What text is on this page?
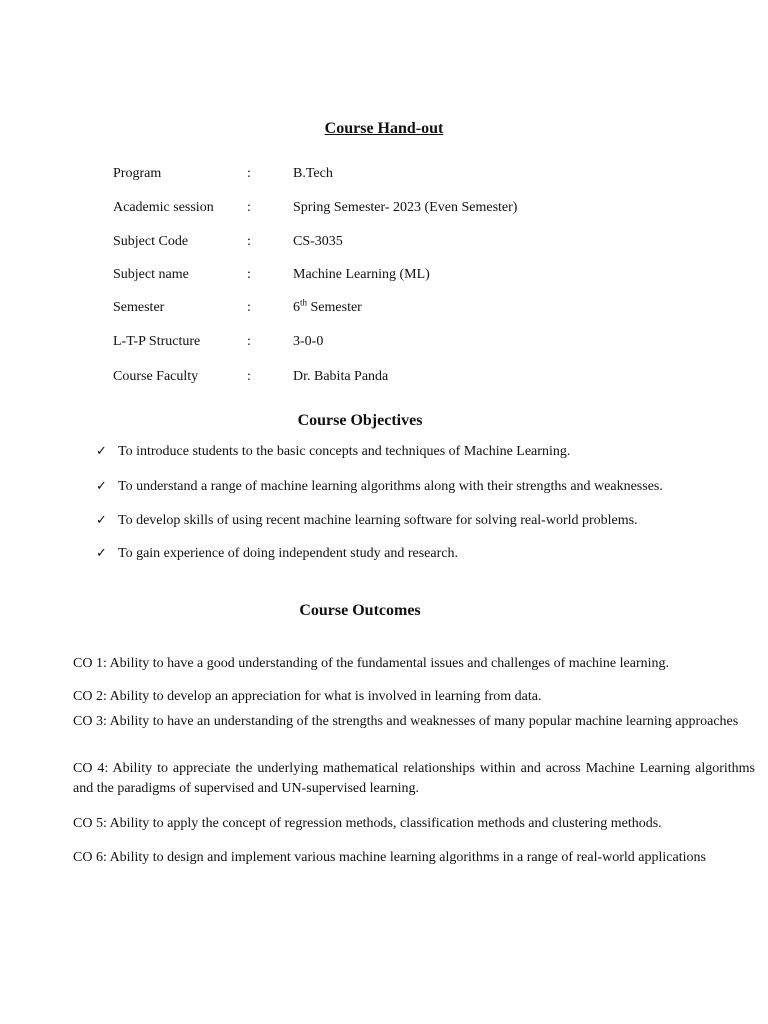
Course Hand-out
Program	:	B.Tech
Academic session :	Spring Semester- 2023 (Even Semester)
Subject Code	:	CS-3035
Subject name	:	Machine Learning (ML)
Semester	:	6th Semester
L-T-P Structure	:	3-0-0
Course Faculty	:	Dr. Babita Panda
Course Objectives
✓ To introduce students to the basic concepts and techniques of Machine Learning.
✓ To understand a range of machine learning algorithms along with their strengths and weaknesses.
✓ To develop skills of using recent machine learning software for solving real-world problems.
✓ To gain experience of doing independent study and research.
Course Outcomes
CO 1: Ability to have a good understanding of the fundamental issues and challenges of machine learning.
CO 2: Ability to develop an appreciation for what is involved in learning from data.
CO 3: Ability to have an understanding of the strengths and weaknesses of many popular machine learning approaches
CO 4: Ability to appreciate the underlying mathematical relationships within and across Machine Learning algorithms and the paradigms of supervised and UN-supervised learning.
CO 5: Ability to apply the concept of regression methods, classification methods and clustering methods.
CO 6: Ability to design and implement various machine learning algorithms in a range of real-world applications
